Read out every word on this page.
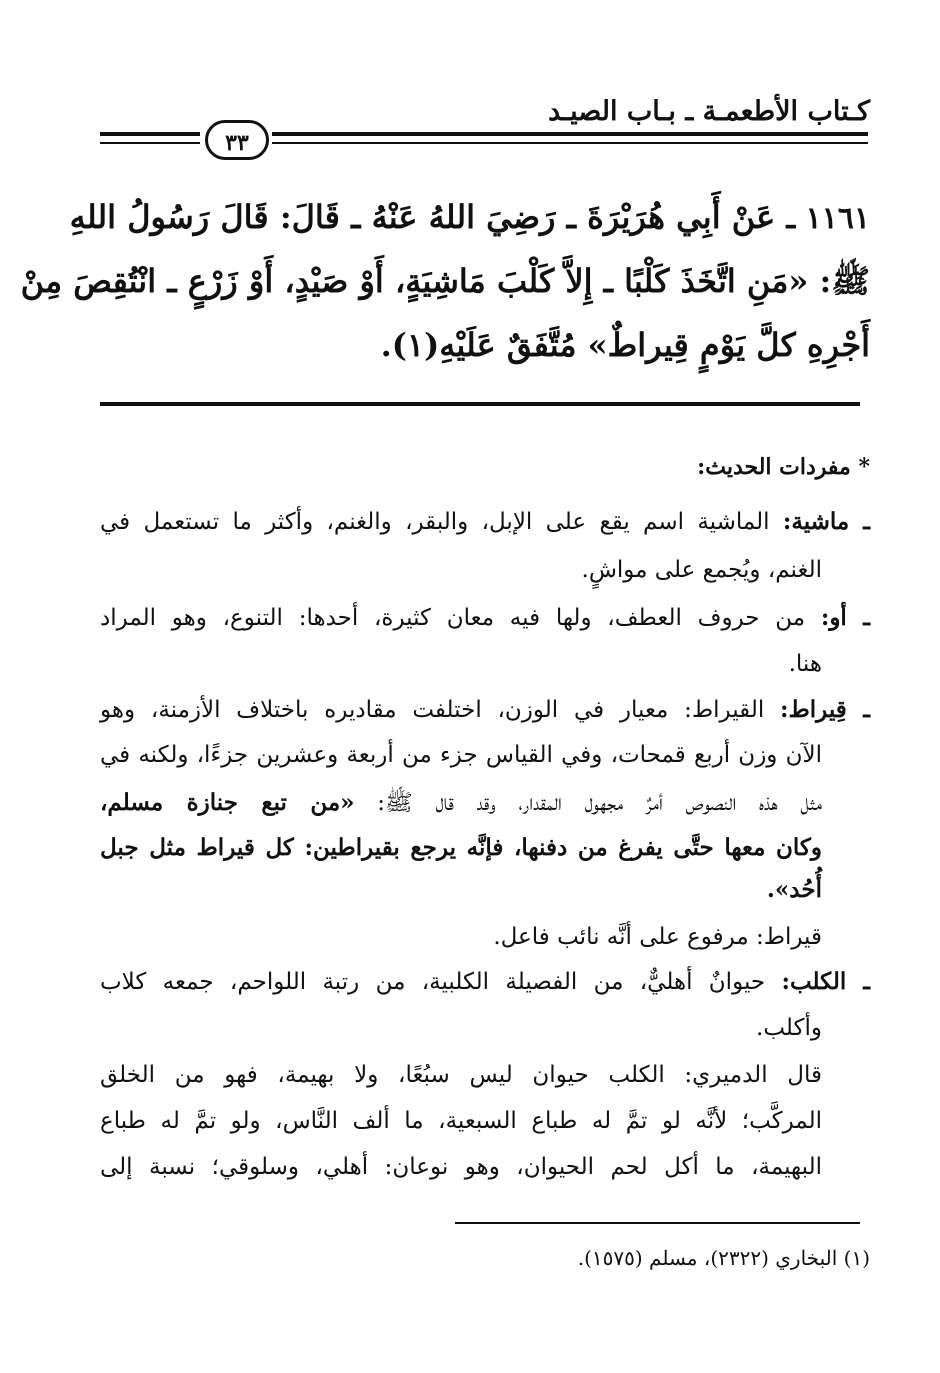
كـتاب الأطعمـة ـ بـاب الصيـد
٣٣
١١٦١ ـ عَنْ أَبِي هُرَيْرَةَ ـ رَضِيَ اللهُ عَنْهُ ـ قَالَ: قَالَ رَسُولُ اللهِ
ﷺ: «مَنِ اتَّخَذَ كَلْبًا ـ إِلاَّ كَلْبَ مَاشِيَةٍ، أَوْ صَيْدٍ، أَوْ زَرْعٍ ـ انْتُقِصَ مِنْ
أَجْرِهِ كلَّ يَوْمٍ قِيراطٌ» مُتَّفَقٌ عَلَيْهِ(١).
* مفردات الحديث:
ـ ماشية: الماشية اسم يقع على الإبل، والبقر، والغنم، وأكثر ما تستعمل في
الغنم، ويُجمع على مواشٍ.
ـ أو: من حروف العطف، ولها فيه معان كثيرة، أحدها: التنوع، وهو المراد
هنا.
ـ قِيراط: القيراط: معيار في الوزن، اختلفت مقاديره باختلاف الأزمنة، وهو
الآن وزن أربع قمحات، وفي القياس جزء من أربعة وعشرين جزءًا، ولكنه في
مثل هذه النصوص أمرٌ مجهول المقدار، وقد قال ﷺ: «من تبع جنازة مسلم،
وكان معها حتَّى يفرغ من دفنها، فإنَّه يرجع بقيراطين: كل قيراط مثل جبل
أُحُد».
قيراط: مرفوع على أنَّه نائب فاعل.
ـ الكلب: حيوانٌ أهليٌّ، من الفصيلة الكلبية، من رتبة اللواحم، جمعه كلاب
وأكلب.
قال الدميري: الكلب حيوان ليس سبُعًا، ولا بهيمة، فهو من الخلق
المركَّب؛ لأنَّه لو تمَّ له طباع السبعية، ما ألف النَّاس، ولو تمَّ له طباع
البهيمة، ما أكل لحم الحيوان، وهو نوعان: أهلي، وسلوقي؛ نسبة إلى
(١) البخاري (٢٣٢٢)، مسلم (١٥٧٥).
